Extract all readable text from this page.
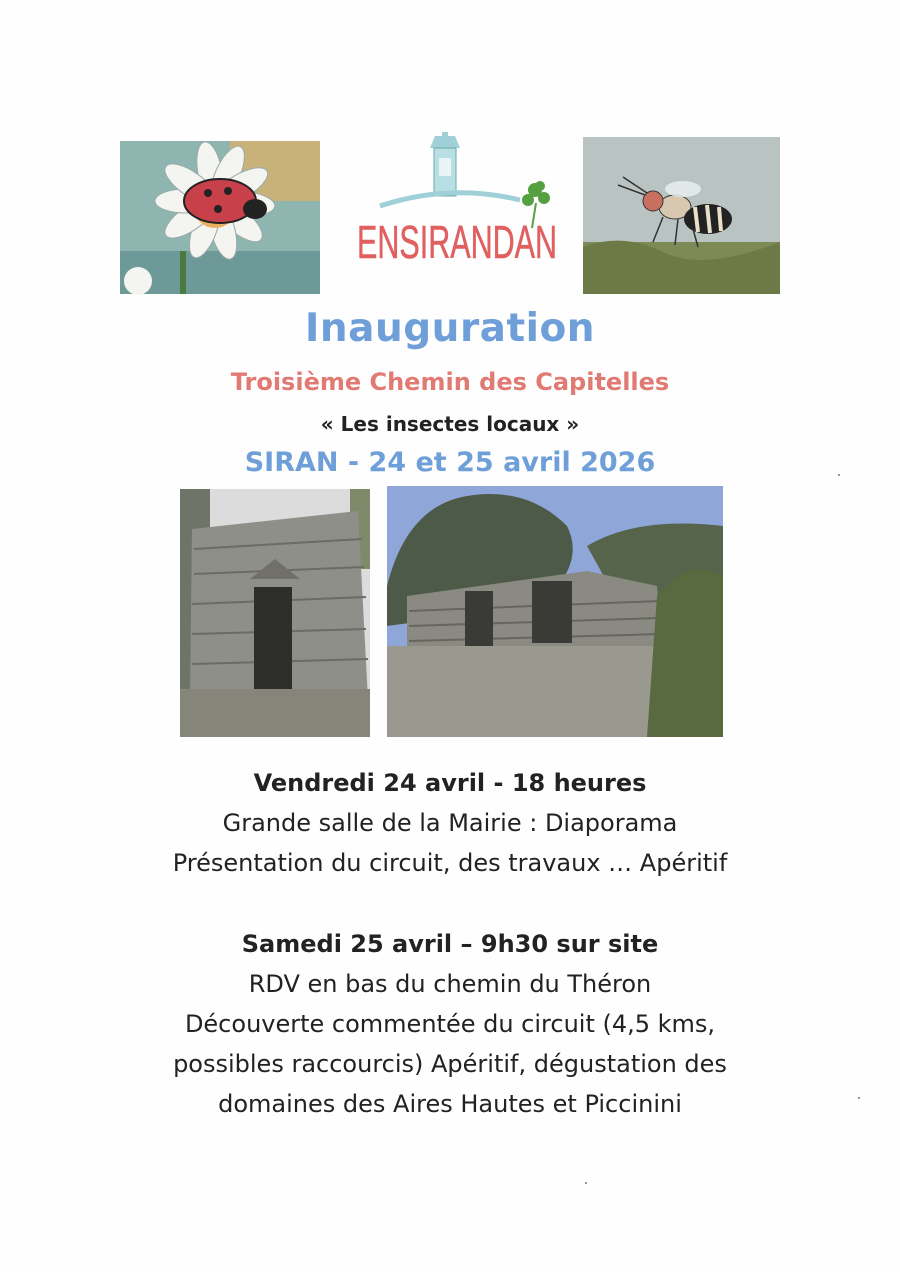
ENSIRANDAN
Inauguration
Troisième Chemin des Capitelles
« Les insectes locaux »
SIRAN - 24 et 25 avril 2026
Vendredi 24 avril - 18 heures
Grande salle de la Mairie : Diaporama
Présentation du circuit, des travaux … Apéritif
Samedi 25 avril – 9h30 sur site
RDV en bas du chemin du Théron
Découverte commentée du circuit (4,5 kms,
possibles raccourcis) Apéritif, dégustation des
domaines des Aires Hautes et Piccinini
